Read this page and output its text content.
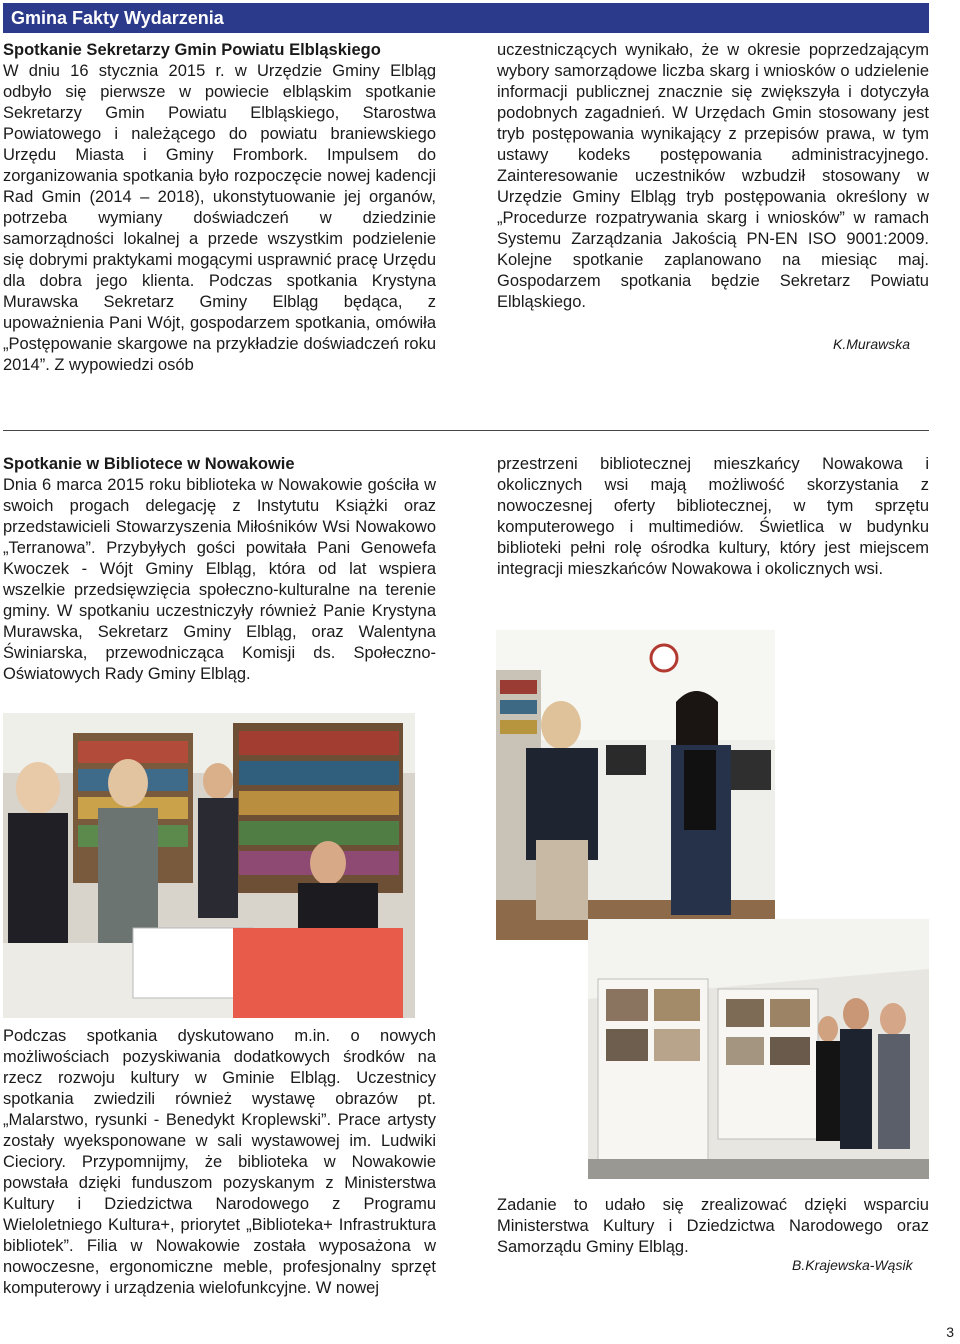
Gmina Fakty Wydarzenia

Spotkanie Sekretarzy Gmin Powiatu Elbląskiego

W dniu 16 stycznia 2015 r. w Urzędzie Gminy Elbląg odbyło się pierwsze w powiecie elbląskim spotkanie Sekretarzy Gmin Powiatu Elbląskiego, Starostwa Powiatowego i należącego do powiatu braniewskiego Urzędu Miasta i Gminy Frombork. Impulsem do zorganizowania spotkania było rozpoczęcie nowej kadencji Rad Gmin (2014 – 2018), ukonstytuowanie jej organów, potrzeba wymiany doświadczeń w dziedzinie samorządności lokalnej a przede wszystkim podzielenie się dobrymi praktykami mogącymi usprawnić pracę Urzędu dla dobra jego klienta. Podczas spotkania Krystyna Murawska Sekretarz Gminy Elbląg będąca, z upoważnienia Pani Wójt, gospodarzem spotkania, omówiła „Postępowanie skargowe na przykładzie doświadczeń roku 2014”. Z wypowiedzi osób

uczestniczących wynikało, że w okresie poprzedzającym wybory samorządowe liczba skarg i wniosków o udzielenie informacji publicznej znacznie się zwiększyła i dotyczyła podobnych zagadnień. W Urzędach Gmin stosowany jest tryb postępowania wynikający z przepisów prawa, w tym ustawy kodeks postępowania administracyjnego. Zainteresowanie uczestników wzbudził stosowany w Urzędzie Gminy Elbląg tryb postępowania określony w „Procedurze rozpatrywania skarg i wniosków” w ramach Systemu Zarządzania Jakością PN-EN ISO 9001:2009. Kolejne spotkanie zaplanowano na miesiąc maj. Gospodarzem spotkania będzie Sekretarz Powiatu Elbląskiego.

K.Murawska

Spotkanie w Bibliotece w Nowakowie

Dnia 6 marca 2015 roku biblioteka w Nowakowie gościła w swoich progach delegację z Instytutu Książki oraz przedstawicieli Stowarzyszenia Miłośników Wsi Nowakowo „Terranowa”. Przybyłych gości powitała Pani Genowefa Kwoczek - Wójt Gminy Elbląg, która od lat wspiera wszelkie przedsięwzięcia społeczno-kulturalne na terenie gminy. W spotkaniu uczestniczyły również Panie Krystyna Murawska, Sekretarz Gminy Elbląg, oraz Walentyna Świniarska, przewodnicząca Komisji ds. Społeczno-Oświatowych Rady Gminy Elbląg.

Podczas spotkania dyskutowano m.in. o nowych możliwościach pozyskiwania dodatkowych środków na rzecz rozwoju kultury w Gminie Elbląg. Uczestnicy spotkania zwiedzili również wystawę obrazów pt. „Malarstwo, rysunki - Benedykt Kroplewski”. Prace artysty zostały wyeksponowane w sali wystawowej im. Ludwiki Cieciory. Przypomnijmy, że biblioteka w Nowakowie powstała dzięki funduszom pozyskanym z Ministerstwa Kultury i Dziedzictwa Narodowego z Programu Wieloletniego Kultura+, priorytet „Biblioteka+ Infrastruktura bibliotek”. Filia w Nowakowie została wyposażona w nowoczesne, ergonomiczne meble, profesjonalny sprzęt komputerowy i urządzenia wielofunkcyjne. W nowej

przestrzeni bibliotecznej mieszkańcy Nowakowa i okolicznych wsi mają możliwość skorzystania z nowoczesnej oferty bibliotecznej, w tym sprzętu komputerowego i multimediów. Świetlica w budynku biblioteki pełni rolę ośrodka kultury, który jest miejscem integracji mieszkańców Nowakowa i okolicznych wsi.

Zadanie to udało się zrealizować dzięki wsparciu Ministerstwa Kultury i Dziedzictwa Narodowego oraz Samorządu Gminy Elbląg.

B.Krajewska-Wąsik
3
